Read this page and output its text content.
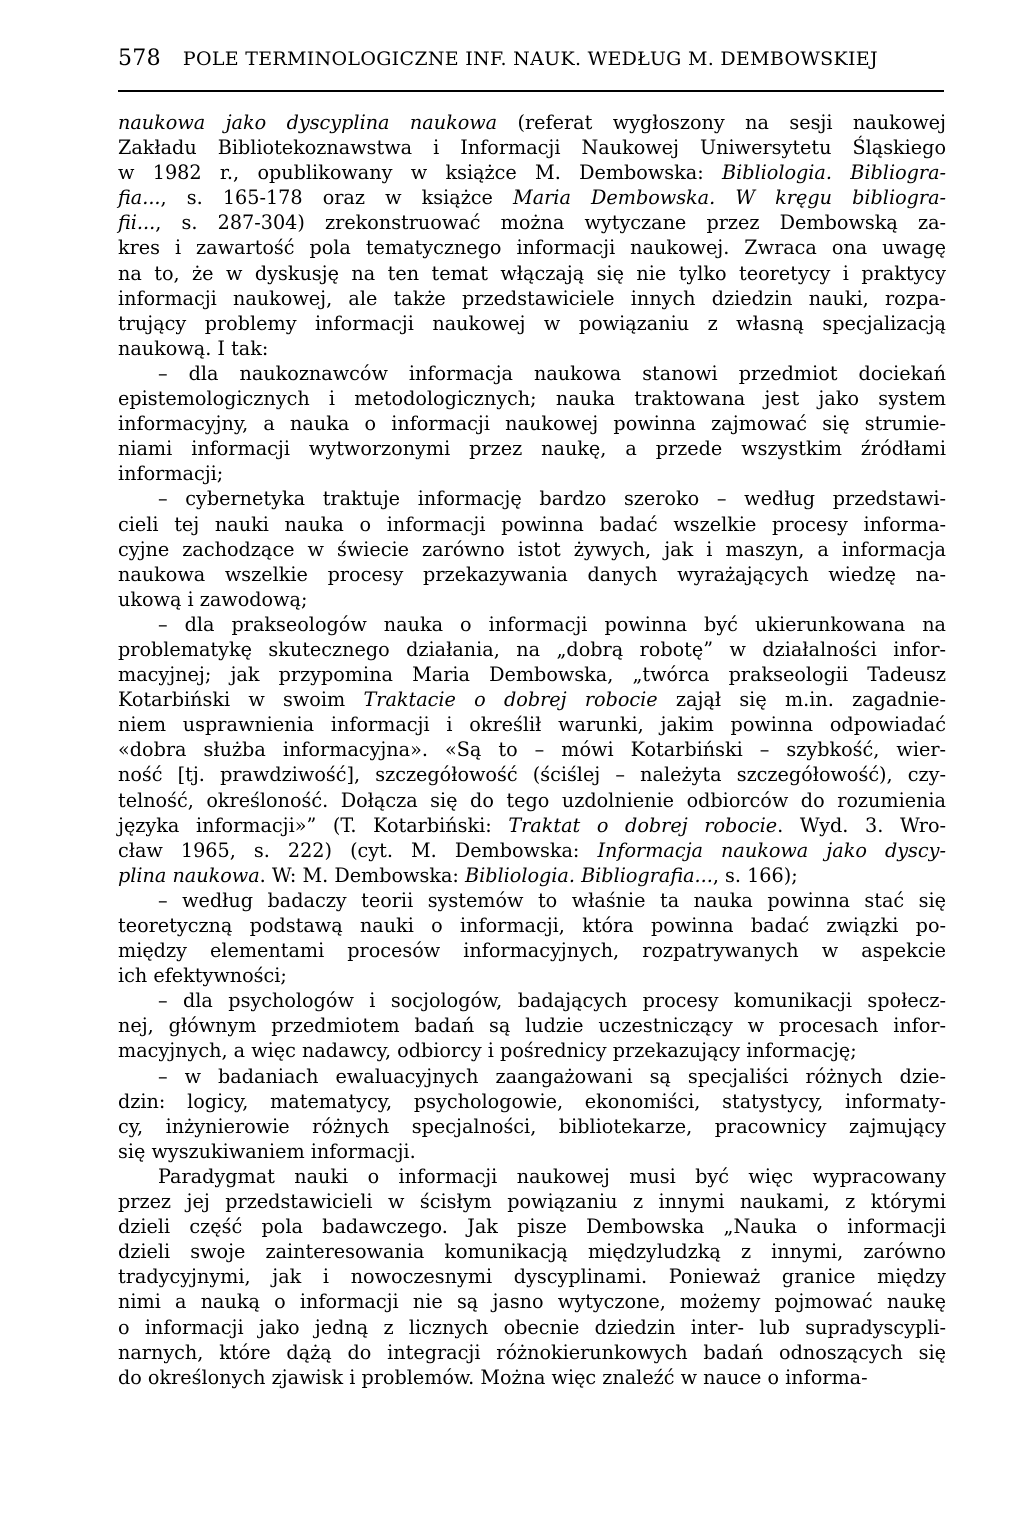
578 POLE TERMINOLOGICZNE INF. NAUK. WEDŁUG M. DEMBOWSKIEJ
naukowa jako dyscyplina naukowa (referat wygłoszony na sesji naukowej
Zakładu Bibliotekoznawstwa i Informacji Naukowej Uniwersytetu Śląskiego
w 1982 r., opublikowany w książce M. Dembowska: Bibliologia. Bibliogra-
fia..., s. 165-178 oraz w książce Maria Dembowska. W kręgu bibliogra-
fii..., s. 287-304) zrekonstruować można wytyczane przez Dembowską za-
kres i zawartość pola tematycznego informacji naukowej. Zwraca ona uwagę
na to, że w dyskusję na ten temat włączają się nie tylko teoretycy i praktycy
informacji naukowej, ale także przedstawiciele innych dziedzin nauki, rozpa-
trujący problemy informacji naukowej w powiązaniu z własną specjalizacją
naukową. I tak:
– dla naukoznawców informacja naukowa stanowi przedmiot dociekań
epistemologicznych i metodologicznych; nauka traktowana jest jako system
informacyjny, a nauka o informacji naukowej powinna zajmować się strumie-
niami informacji wytworzonymi przez naukę, a przede wszystkim źródłami
informacji;
– cybernetyka traktuje informację bardzo szeroko – według przedstawi-
cieli tej nauki nauka o informacji powinna badać wszelkie procesy informa-
cyjne zachodzące w świecie zarówno istot żywych, jak i maszyn, a informacja
naukowa wszelkie procesy przekazywania danych wyrażających wiedzę na-
ukową i zawodową;
– dla prakseologów nauka o informacji powinna być ukierunkowana na
problematykę skutecznego działania, na „dobrą robotę” w działalności infor-
macyjnej; jak przypomina Maria Dembowska, „twórca prakseologii Tadeusz
Kotarbiński w swoim Traktacie o dobrej robocie zajął się m.in. zagadnie-
niem usprawnienia informacji i określił warunki, jakim powinna odpowiadać
«dobra służba informacyjna». «Są to – mówi Kotarbiński – szybkość, wier-
ność [tj. prawdziwość], szczegółowość (ściślej – należyta szczegółowość), czy-
telność, określoność. Dołącza się do tego uzdolnienie odbiorców do rozumienia
języka informacji»” (T. Kotarbiński: Traktat o dobrej robocie. Wyd. 3. Wro-
cław 1965, s. 222) (cyt. M. Dembowska: Informacja naukowa jako dyscy-
plina naukowa. W: M. Dembowska: Bibliologia. Bibliografia..., s. 166);
– według badaczy teorii systemów to właśnie ta nauka powinna stać się
teoretyczną podstawą nauki o informacji, która powinna badać związki po-
między elementami procesów informacyjnych, rozpatrywanych w aspekcie
ich efektywności;
– dla psychologów i socjologów, badających procesy komunikacji społecz-
nej, głównym przedmiotem badań są ludzie uczestniczący w procesach infor-
macyjnych, a więc nadawcy, odbiorcy i pośrednicy przekazujący informację;
– w badaniach ewaluacyjnych zaangażowani są specjaliści różnych dzie-
dzin: logicy, matematycy, psychologowie, ekonomiści, statystycy, informaty-
cy, inżynierowie różnych specjalności, bibliotekarze, pracownicy zajmujący
się wyszukiwaniem informacji.
Paradygmat nauki o informacji naukowej musi być więc wypracowany
przez jej przedstawicieli w ścisłym powiązaniu z innymi naukami, z którymi
dzieli część pola badawczego. Jak pisze Dembowska „Nauka o informacji
dzieli swoje zainteresowania komunikacją międzyludzką z innymi, zarówno
tradycyjnymi, jak i nowoczesnymi dyscyplinami. Ponieważ granice między
nimi a nauką o informacji nie są jasno wytyczone, możemy pojmować naukę
o informacji jako jedną z licznych obecnie dziedzin inter- lub supradyscypli-
narnych, które dążą do integracji różnokierunkowych badań odnoszących się
do określonych zjawisk i problemów. Można więc znaleźć w nauce o informa-
